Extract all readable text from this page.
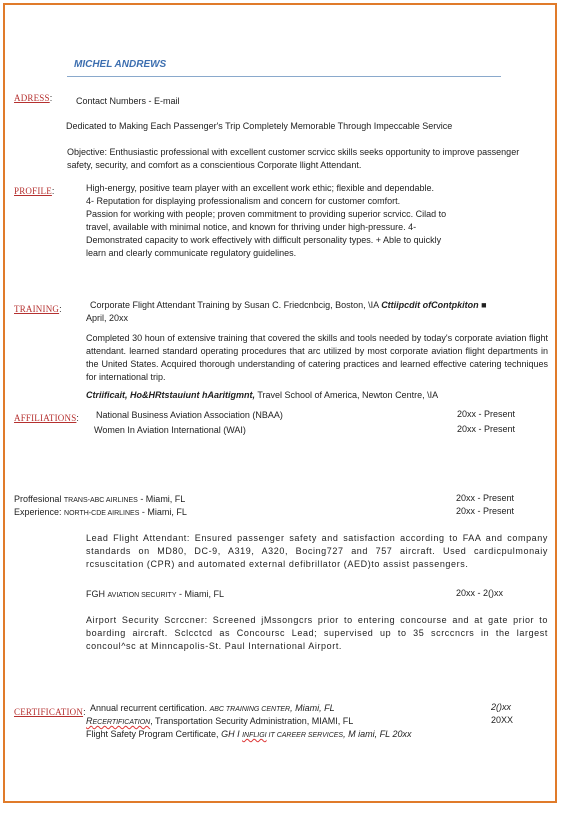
MICHEL ANDREWS
ADRESS:	Contact Numbers - E-mail
Dedicated to Making Each Passenger's Trip Completely Memorable Through Impeccable Service
Objective: Enthusiastic professional with excellent customer scrvicc skills seeks opportunity to improve passenger safety, security, and comfort as a conscientious Corporate llight Attendant.
PROFILE:	High-energy, positive team player with an excellent work ethic; flexible and dependable.
4- Reputation for displaying professionalism and concern for customer comfort.
Passion for working with people; proven commitment to providing superior scrvicc. Cilad to
travel, available with minimal notice, and known for thriving under high-pressure. 4-
Demonstrated capacity to work effectively with difficult personality types. + Able to quickly
learn and clearly communicate regulatory guidelines.
TRAINING:	Corporate Flight Attendant Training by Susan C. Friedcnbcig, Boston, \IA Cttiipcdit ofContpkiton ■
April, 20xx
Completed 30 houn of extensive training that covered the skills and tools needed by today's corporate aviation flight attendant. learned standard operating procedures that arc utilized by most corporate aviation flight departments in the United States. Acquired thorough understanding of catering practices and learned effective catering techniques for international trip.
Ctriificait, Ho&HRtstauiunt hAaritigmnt, Travel School of America, Newton Centre, \IA
AFFILIATIONS: National Business Aviation Association (NBAA)	20xx - Present
Women In Aviation International (WAI)	20xx - Present
Proffesional TRANS-ABC AIRLINES - Miami, FL	20xx - Present
Experience: NORTH-CDE AIRLINES - Miami, FL	20xx - Present
Lead Flight Attendant: Ensured passenger safety and satisfaction according to FAA and company standards on MD80, DC-9, A319, A320, Bocing727 and 757 aircraft. Used cardicpulmonaiy rcsuscitation (CPR) and automated external defibrillator (AED)to assist passengers.
FGH AVIATION SECURITY - Miami, FL	20xx - 2()xx
Airport Security Scrccner: Screened jMssongcrs prior to entering concourse and at gate prior to boarding aircraft. Sclcctcd as Concoursc Lead; supervised up to 35 scrccncrs in the largest concoul^sc at Minncapolis-St. Paul International Airport.
CERTIFICATION: Annual recurrent certification. ABC TRAINING CENTER, Miami, FL	2()xx
RECERTIFICATION, Transportation Security Administration, MIAMI, FL	20XX
Flight Safety Program Certificate, GH I INFLIGI IT CAREER SERVICES, M iami, FL 20xx
